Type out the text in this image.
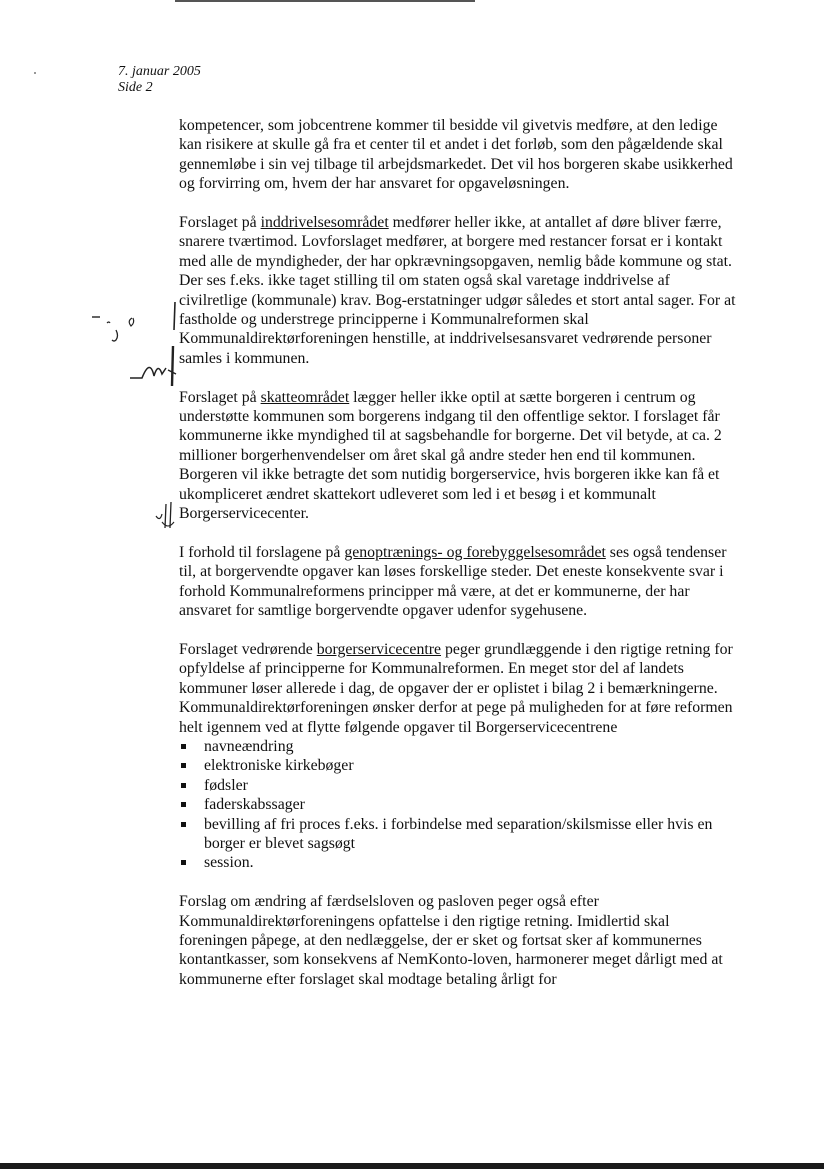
7. januar 2005
Side 2

kompetencer, som jobcentrene kommer til besidde vil givetvis medføre, at den ledige kan risikere at skulle gå fra et center til et andet i det forløb, som den pågældende skal gennemløbe i sin vej tilbage til arbejdsmarkedet. Det vil hos borgeren skabe usikkerhed og forvirring om, hvem der har ansvaret for opgaveløsningen.

Forslaget på inddrivelsesområdet medfører heller ikke, at antallet af døre bliver færre, snarere tværtimod. Lovforslaget medfører, at borgere med restancer forsat er i kontakt med alle de myndigheder, der har opkrævningsopgaven, nemlig både kommune og stat. Der ses f.eks. ikke taget stilling til om staten også skal varetage inddrivelse af civilretlige (kommunale) krav. Bog-erstatninger udgør således et stort antal sager. For at fastholde og understrege principperne i Kommunalreformen skal Kommunaldirektørforeningen henstille, at inddrivelsesansvaret vedrørende personer samles i kommunen.

Forslaget på skatteområdet lægger heller ikke optil at sætte borgeren i centrum og understøtte kommunen som borgerens indgang til den offentlige sektor. I forslaget får kommunerne ikke myndighed til at sagsbehandle for borgerne. Det vil betyde, at ca. 2 millioner borgerhenvendelser om året skal gå andre steder hen end til kommunen. Borgeren vil ikke betragte det som nutidig borgerservice, hvis borgeren ikke kan få et ukompliceret ændret skattekort udleveret som led i et besøg i et kommunalt Borgerservicecenter.

I forhold til forslagene på genoptrænings- og forebyggelsesområdet ses også tendenser til, at borgervendte opgaver kan løses forskellige steder. Det eneste konsekvente svar i forhold Kommunalreformens principper må være, at det er kommunerne, der har ansvaret for samtlige borgervendte opgaver udenfor sygehusene.

Forslaget vedrørende borgerservicecentre peger grundlæggende i den rigtige retning for opfyldelse af principperne for Kommunalreformen. En meget stor del af landets kommuner løser allerede i dag, de opgaver der er oplistet i bilag 2 i bemærkningerne. Kommunaldirektørforeningen ønsker derfor at pege på muligheden for at føre reformen helt igennem ved at flytte følgende opgaver til Borgerservicecentrene

navneændring
elektroniske kirkebøger
fødsler
faderskabssager
bevilling af fri proces f.eks. i forbindelse med separation/skilsmisse eller hvis en borger er blevet sagsøgt
session.

Forslag om ændring af færdselsloven og pasloven peger også efter Kommunaldirektørforeningens opfattelse i den rigtige retning. Imidlertid skal foreningen påpege, at den nedlæggelse, der er sket og fortsat sker af kommunernes kontantkasser, som konsekvens af NemKonto-loven, harmonerer meget dårligt med at kommunerne efter forslaget skal modtage betaling årligt for
